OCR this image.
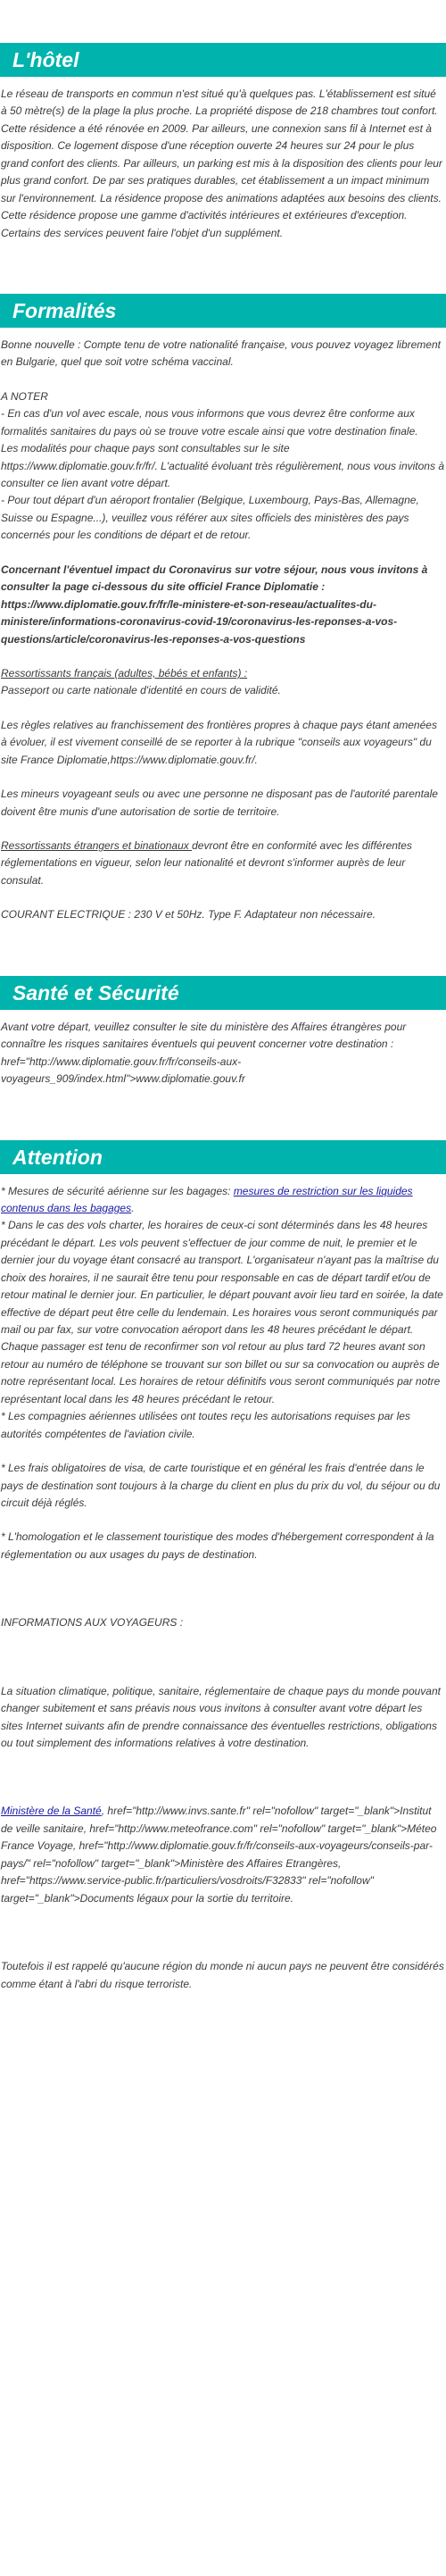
L'hôtel

Le réseau de transports en commun n'est situé qu'à quelques pas. L'établissement est situé à 50 mètre(s) de la plage la plus proche. La propriété dispose de 218 chambres tout confort. Cette résidence a été rénovée en 2009. Par ailleurs, une connexion sans fil à Internet est à disposition. Ce logement dispose d'une réception ouverte 24 heures sur 24 pour le plus grand confort des clients. Par ailleurs, un parking est mis à la disposition des clients pour leur plus grand confort. De par ses pratiques durables, cet établissement a un impact minimum sur l'environnement. La résidence propose des animations adaptées aux besoins des clients. Cette résidence propose une gamme d'activités intérieures et extérieures d'exception. Certains des services peuvent faire l'objet d'un supplément.

Formalités

Bonne nouvelle : Compte tenu de votre nationalité française, vous pouvez voyagez librement en Bulgarie, quel que soit votre schéma vaccinal.

A NOTER

- En cas d'un vol avec escale, nous vous informons que vous devrez être conforme aux formalités sanitaires du pays où se trouve votre escale ainsi que votre destination finale.

Les modalités pour chaque pays sont consultables sur le site https://www.diplomatie.gouv.fr/fr/. L'actualité évoluant très régulièrement, nous vous invitons à consulter ce lien avant votre départ.

- Pour tout départ d'un aéroport frontalier (Belgique, Luxembourg, Pays-Bas, Allemagne, Suisse ou Espagne...), veuillez vous référer aux sites officiels des ministères des pays concernés pour les conditions de départ et de retour.

Concernant l'éventuel impact du Coronavirus sur votre séjour, nous vous invitons à consulter la page ci-dessous du site officiel France Diplomatie : https://www.diplomatie.gouv.fr/fr/le-ministere-et-son-reseau/actualites-du-ministere/informations-coronavirus-covid-19/coronavirus-les-reponses-a-vos-questions/article/coronavirus-les-reponses-a-vos-questions

Ressortissants français (adultes, bébés et enfants) :

Passeport ou carte nationale d'identité en cours de validité.

Les règles relatives au franchissement des frontières propres à chaque pays étant amenées à évoluer, il est vivement conseillé de se reporter à la rubrique "conseils aux voyageurs" du site France Diplomatie,https://www.diplomatie.gouv.fr/.

Les mineurs voyageant seuls ou avec une personne ne disposant pas de l'autorité parentale doivent être munis d'une autorisation de sortie de territoire.

Ressortissants étrangers et binationaux devront être en conformité avec les différentes réglementations en vigueur, selon leur nationalité et devront s'informer auprès de leur consulat.

COURANT ELECTRIQUE : 230 V et 50Hz. Type F. Adaptateur non nécessaire.

Santé et Sécurité

Avant votre départ, veuillez consulter le site du ministère des Affaires étrangères pour connaître les risques sanitaires éventuels qui peuvent concerner votre destination : href="http://www.diplomatie.gouv.fr/fr/conseils-aux-voyageurs_909/index.html">www.diplomatie.gouv.fr

Attention

* Mesures de sécurité aérienne sur les bagages: mesures de restriction sur les liquides contenus dans les bagages.

* Dans le cas des vols charter, les horaires de ceux-ci sont déterminés dans les 48 heures précédant le départ. Les vols peuvent s'effectuer de jour comme de nuit, le premier et le dernier jour du voyage étant consacré au transport. L'organisateur n'ayant pas la maîtrise du choix des horaires, il ne saurait être tenu pour responsable en cas de départ tardif et/ou de retour matinal le dernier jour. En particulier, le départ pouvant avoir lieu tard en soirée, la date effective de départ peut être celle du lendemain. Les horaires vous seront communiqués par mail ou par fax, sur votre convocation aéroport dans les 48 heures précédant le départ. Chaque passager est tenu de reconfirmer son vol retour au plus tard 72 heures avant son retour au numéro de téléphone se trouvant sur son billet ou sur sa convocation ou auprès de notre représentant local. Les horaires de retour définitifs vous seront communiqués par notre représentant local dans les 48 heures précédant le retour.

* Les compagnies aériennes utilisées ont toutes reçu les autorisations requises par les autorités compétentes de l'aviation civile.

* Les frais obligatoires de visa, de carte touristique et en général les frais d'entrée dans le pays de destination sont toujours à la charge du client en plus du prix du vol, du séjour ou du circuit déjà réglés.

* L'homologation et le classement touristique des modes d'hébergement correspondent à la réglementation ou aux usages du pays de destination.

INFORMATIONS AUX VOYAGEURS :

La situation climatique, politique, sanitaire, réglementaire de chaque pays du monde pouvant changer subitement et sans préavis nous vous invitons à consulter avant votre départ les sites Internet suivants afin de prendre connaissance des éventuelles restrictions, obligations ou tout simplement des informations relatives à votre destination.

Ministère de la Santé, href="http://www.invs.sante.fr" rel="nofollow" target="_blank">Institut de veille sanitaire, href="http://www.meteofrance.com" rel="nofollow" target="_blank">Méteo France Voyage, href="http://www.diplomatie.gouv.fr/fr/conseils-aux-voyageurs/conseils-par-pays/" rel="nofollow" target="_blank">Ministère des Affaires Etrangères, href="https://www.service-public.fr/particuliers/vosdroits/F32833" rel="nofollow" target="_blank">Documents légaux pour la sortie du territoire.

Toutefois il est rappelé qu'aucune région du monde ni aucun pays ne peuvent être considérés comme étant à l'abri du risque terroriste.
